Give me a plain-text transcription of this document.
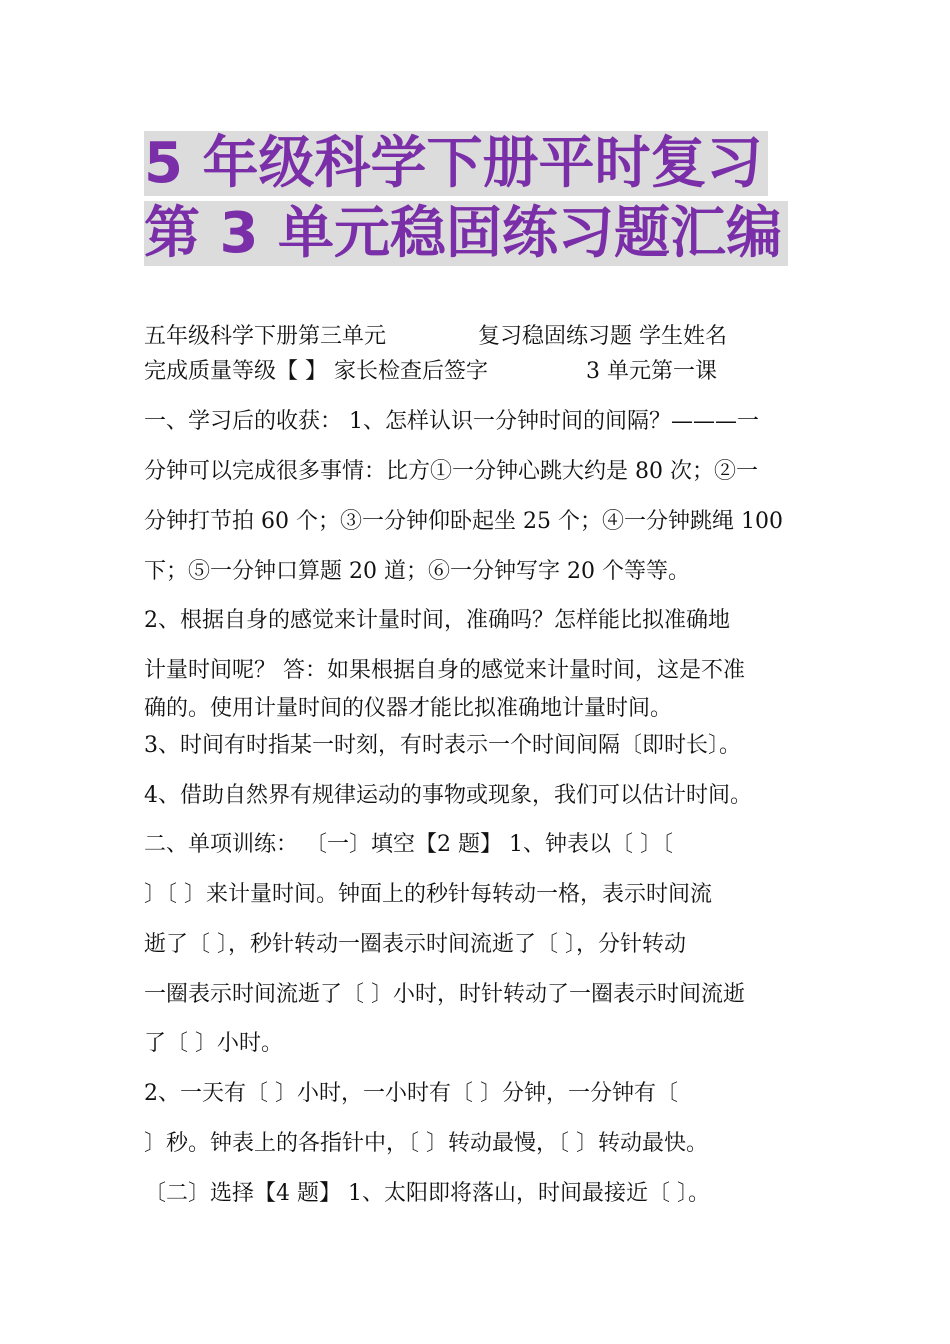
5 年级科学下册平时复习
第 3 单元稳固练习题汇编
五年级科学下册第三单元	复习稳固练习题 学生姓名
完成质量等级【 】 家长检查后签字	3 单元第一课
一、学习后的收获： 1、怎样认识一分钟时间的间隔？———一
分钟可以完成很多事情：比方①一分钟心跳大约是 80 次；②一
分钟打节拍 60 个；③一分钟仰卧起坐 25 个；④一分钟跳绳 100
下；⑤一分钟口算题 20 道；⑥一分钟写字 20 个等等。
2、根据自身的感觉来计量时间，准确吗？怎样能比拟准确地
计量时间呢？ 答：如果根据自身的感觉来计量时间，这是不准
确的。使用计量时间的仪器才能比拟准确地计量时间。
3、时间有时指某一时刻，有时表示一个时间间隔〔即时长〕。
4、借助自然界有规律运动的事物或现象，我们可以估计时间。
二、单项训练： 〔一〕填空【2 题】 1、钟表以〔 〕〔
〕〔 〕来计量时间。钟面上的秒针每转动一格，表示时间流
逝了〔 〕，秒针转动一圈表示时间流逝了〔 〕，分针转动
一圈表示时间流逝了〔 〕小时，时针转动了一圈表示时间流逝
了〔 〕小时。
2、一天有〔 〕小时，一小时有〔 〕分钟，一分钟有〔
〕秒。钟表上的各指针中，〔 〕转动最慢，〔 〕转动最快。
〔二〕选择【4 题】 1、太阳即将落山，时间最接近〔 〕。
